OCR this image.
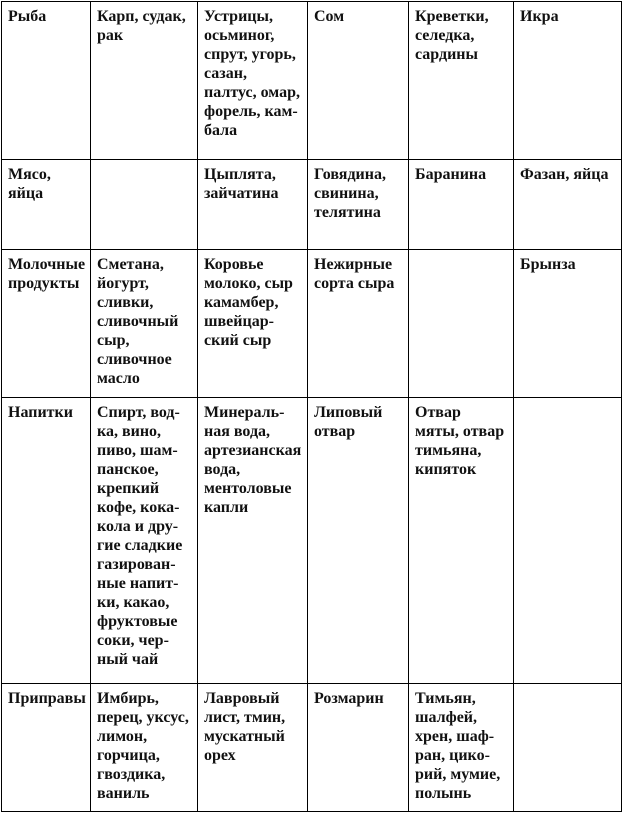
Рыба	Карп, судак, рак	Устрицы, осьминог, спрут, угорь, сазан, палтус, омар, форель, камбала	Сом	Креветки, селедка, сардины	Икра
Мясо, яйца		Цыплята, зайчатина	Говядина, свинина, телятина	Баранина	Фазан, яйца
Молочные продукты	Сметана, йогурт, сливки, сливочный сыр, сливочное масло	Коровье молоко, сыр камамбер, швейцарский сыр	Нежирные сорта сыра		Брынза
Напитки	Спирт, водка, вино, пиво, шампанское, крепкий кофе, кока-кола и другие сладкие газированные напитки, какао, фруктовые соки, черный чай	Минеральная вода, артезианская вода, ментоловые капли	Липовый отвар	Отвар мяты, отвар тимьяна, кипяток	
Приправы	Имбирь, перец, уксус, лимон, горчица, гвоздика, ваниль	Лавровый лист, тмин, мускатный орех	Розмарин	Тимьян, шалфей, хрен, шафран, цикорий, мумие, полынь	
